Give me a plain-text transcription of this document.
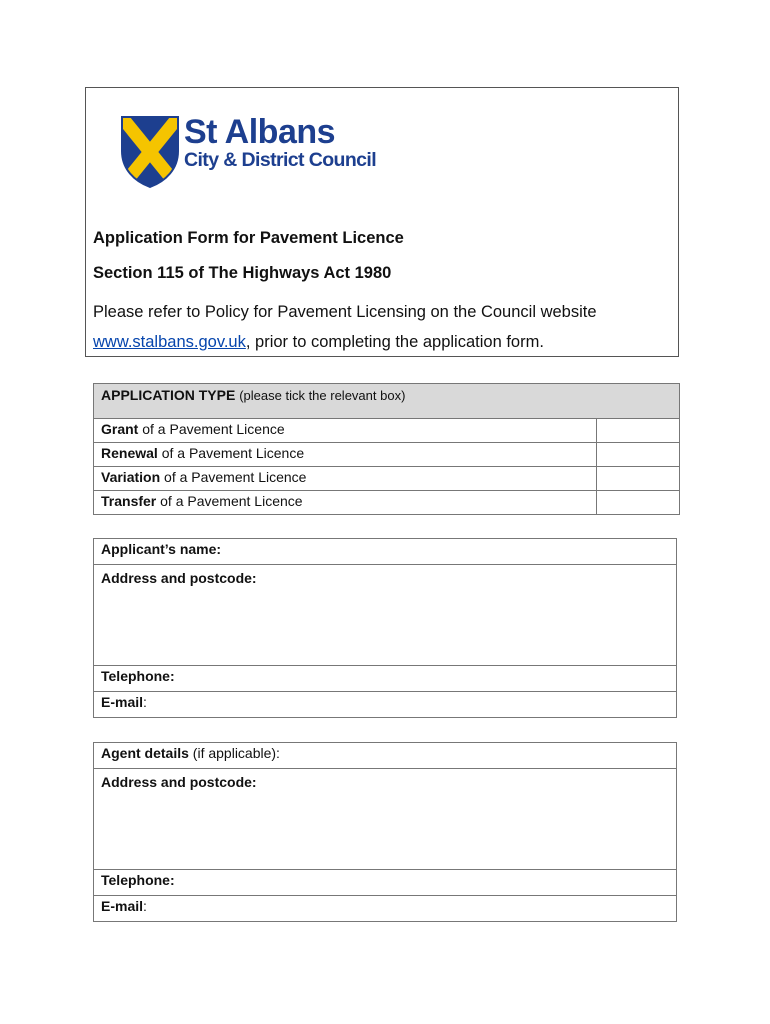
St Albans
City & District Council
Application Form for Pavement Licence
Section 115 of The Highways Act 1980
Please refer to Policy for Pavement Licensing on the Council website
www.stalbans.gov.uk, prior to completing the application form.
APPLICATION TYPE (please tick the relevant box)	
Grant of a Pavement Licence	
Renewal of a Pavement Licence	
Variation of a Pavement Licence	
Transfer of a Pavement Licence	
Applicant’s name:
Address and postcode:
Telephone:
E-mail:
Agent details (if applicable):
Address and postcode:
Telephone:
E-mail:
